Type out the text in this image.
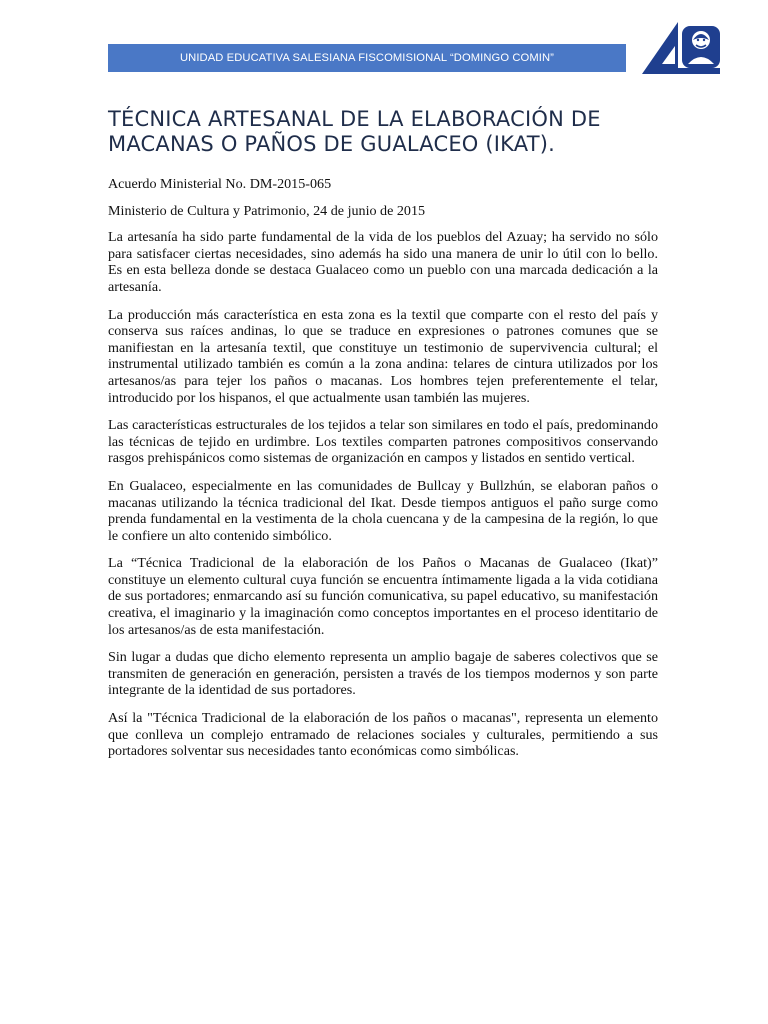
UNIDAD EDUCATIVA SALESIANA FISCOMISIONAL “DOMINGO COMIN”
TÉCNICA ARTESANAL DE LA ELABORACIÓN DE MACANAS O PAÑOS DE GUALACEO (IKAT).

Acuerdo Ministerial No. DM-2015-065

Ministerio de Cultura y Patrimonio, 24 de junio de 2015

La artesanía ha sido parte fundamental de la vida de los pueblos del Azuay; ha servido no sólo para satisfacer ciertas necesidades, sino además ha sido una manera de unir lo útil con lo bello. Es en esta belleza donde se destaca Gualaceo como un pueblo con una marcada dedicación a la artesanía.

La producción más característica en esta zona es la textil que comparte con el resto del país y conserva sus raíces andinas, lo que se traduce en expresiones o patrones comunes que se manifiestan en la artesanía textil, que constituye un testimonio de supervivencia cultural; el instrumental utilizado también es común a la zona andina: telares de cintura utilizados por los artesanos/as para tejer los paños o macanas. Los hombres tejen preferentemente el telar, introducido por los hispanos, el que actualmente usan también las mujeres.

Las características estructurales de los tejidos a telar son similares en todo el país, predominando las técnicas de tejido en urdimbre. Los textiles comparten patrones compositivos conservando rasgos prehispánicos como sistemas de organización en campos y listados en sentido vertical.

En Gualaceo, especialmente en las comunidades de Bullcay y Bullzhún, se elaboran paños o macanas utilizando la técnica tradicional del Ikat. Desde tiempos antiguos el paño surge como prenda fundamental en la vestimenta de la chola cuencana y de la campesina de la región, lo que le confiere un alto contenido simbólico.

La “Técnica Tradicional de la elaboración de los Paños o Macanas de Gualaceo (Ikat)” constituye un elemento cultural cuya función se encuentra íntimamente ligada a la vida cotidiana de sus portadores; enmarcando así su función comunicativa, su papel educativo, su manifestación creativa, el imaginario y la imaginación como conceptos importantes en el proceso identitario de los artesanos/as de esta manifestación.

Sin lugar a dudas que dicho elemento representa un amplio bagaje de saberes colectivos que se transmiten de generación en generación, persisten a través de los tiempos modernos y son parte integrante de la identidad de sus portadores.

Así la "Técnica Tradicional de la elaboración de los paños o macanas", representa un elemento que conlleva un complejo entramado de relaciones sociales y culturales, permitiendo a sus portadores solventar sus necesidades tanto económicas como simbólicas.
